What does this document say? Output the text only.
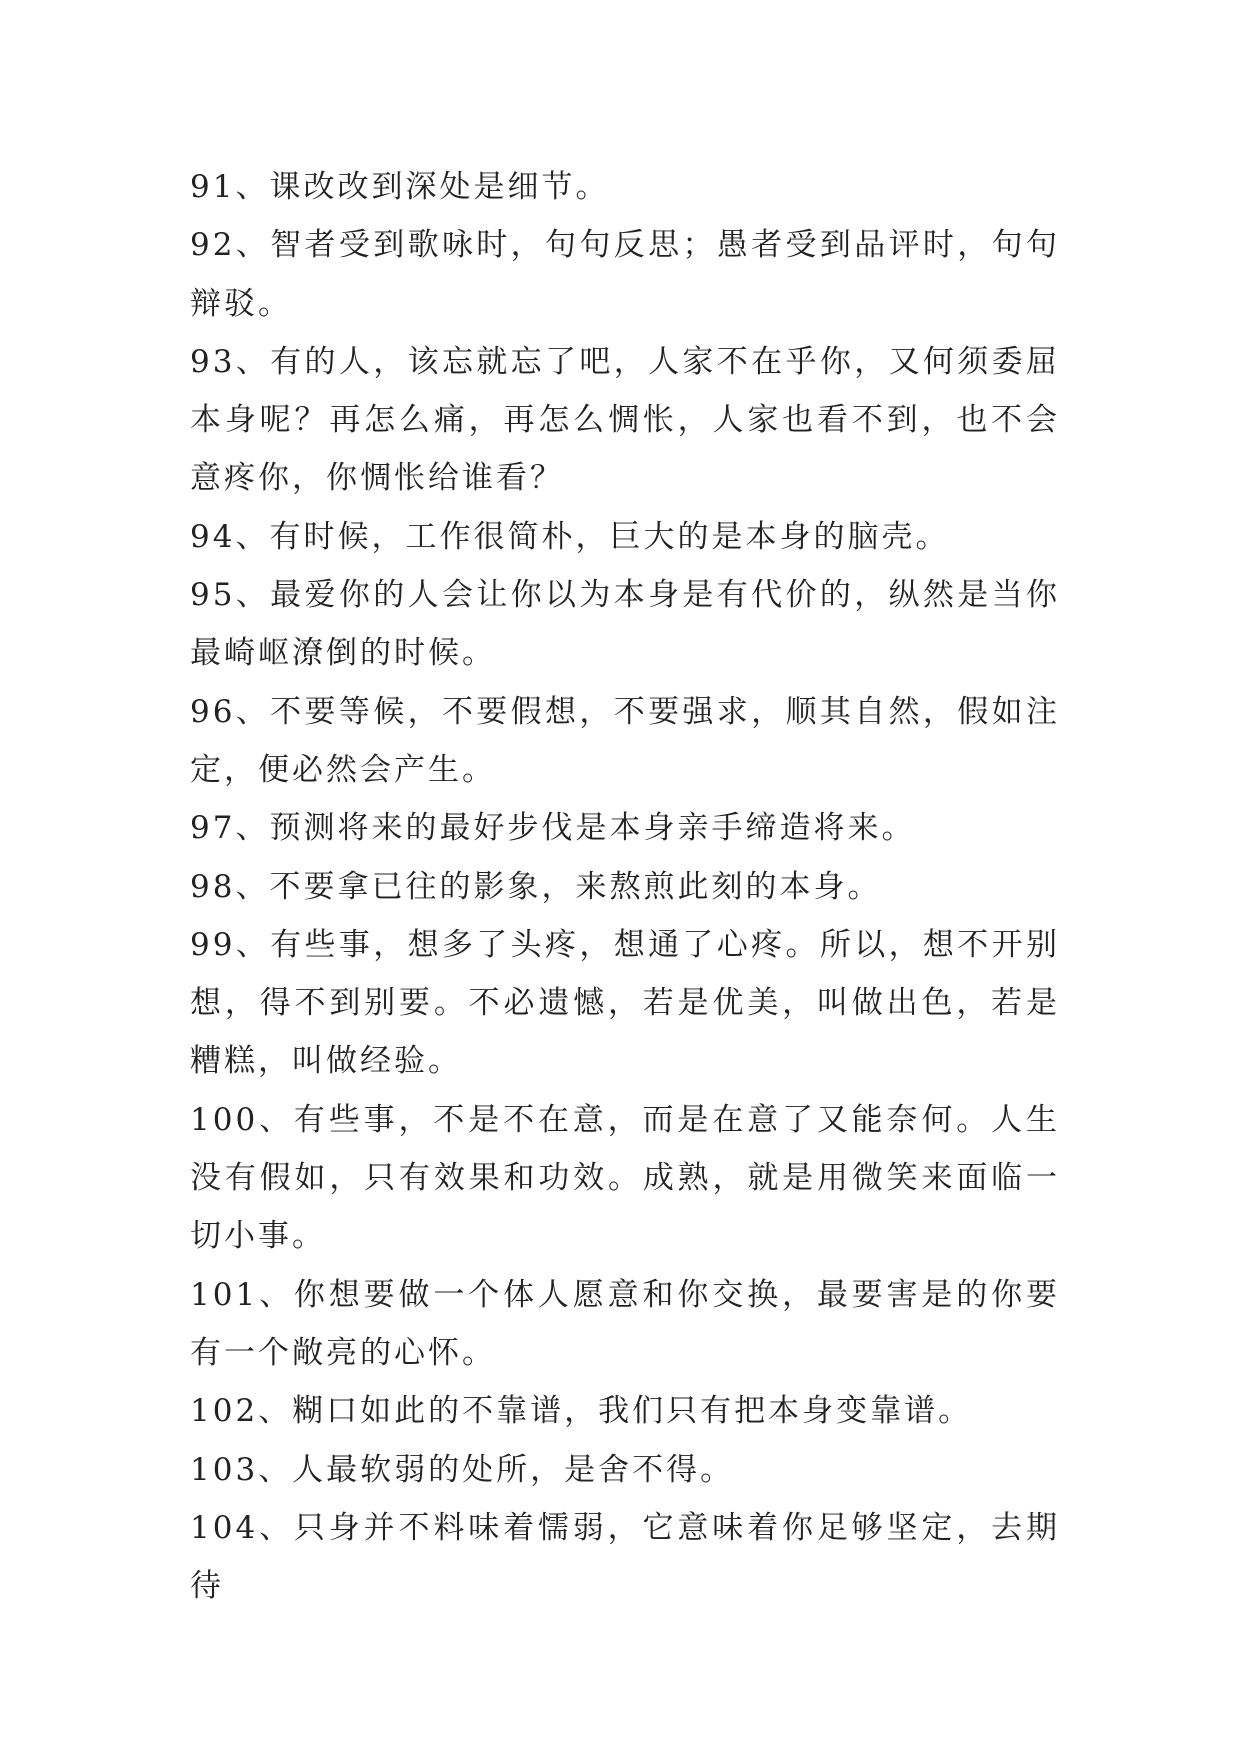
91、课改改到深处是细节。

92、智者受到歌咏时，句句反思；愚者受到品评时，句句辩驳。

93、有的人，该忘就忘了吧，人家不在乎你，又何须委屈本身呢？再怎么痛，再怎么惆怅，人家也看不到，也不会意疼你，你惆怅给谁看？

94、有时候，工作很简朴，巨大的是本身的脑壳。

95、最爱你的人会让你以为本身是有代价的，纵然是当你最崎岖潦倒的时候。

96、不要等候，不要假想，不要强求，顺其自然，假如注定，便必然会产生。

97、预测将来的最好步伐是本身亲手缔造将来。

98、不要拿已往的影象，来熬煎此刻的本身。

99、有些事，想多了头疼，想通了心疼。所以，想不开别想，得不到别要。不必遗憾，若是优美，叫做出色，若是糟糕，叫做经验。

100、有些事，不是不在意，而是在意了又能奈何。人生没有假如，只有效果和功效。成熟，就是用微笑来面临一切小事。

101、你想要做一个体人愿意和你交换，最要害是的你要有一个敞亮的心怀。

102、糊口如此的不靠谱，我们只有把本身变靠谱。

103、人最软弱的处所，是舍不得。

104、只身并不料味着懦弱，它意味着你足够坚定，去期待
